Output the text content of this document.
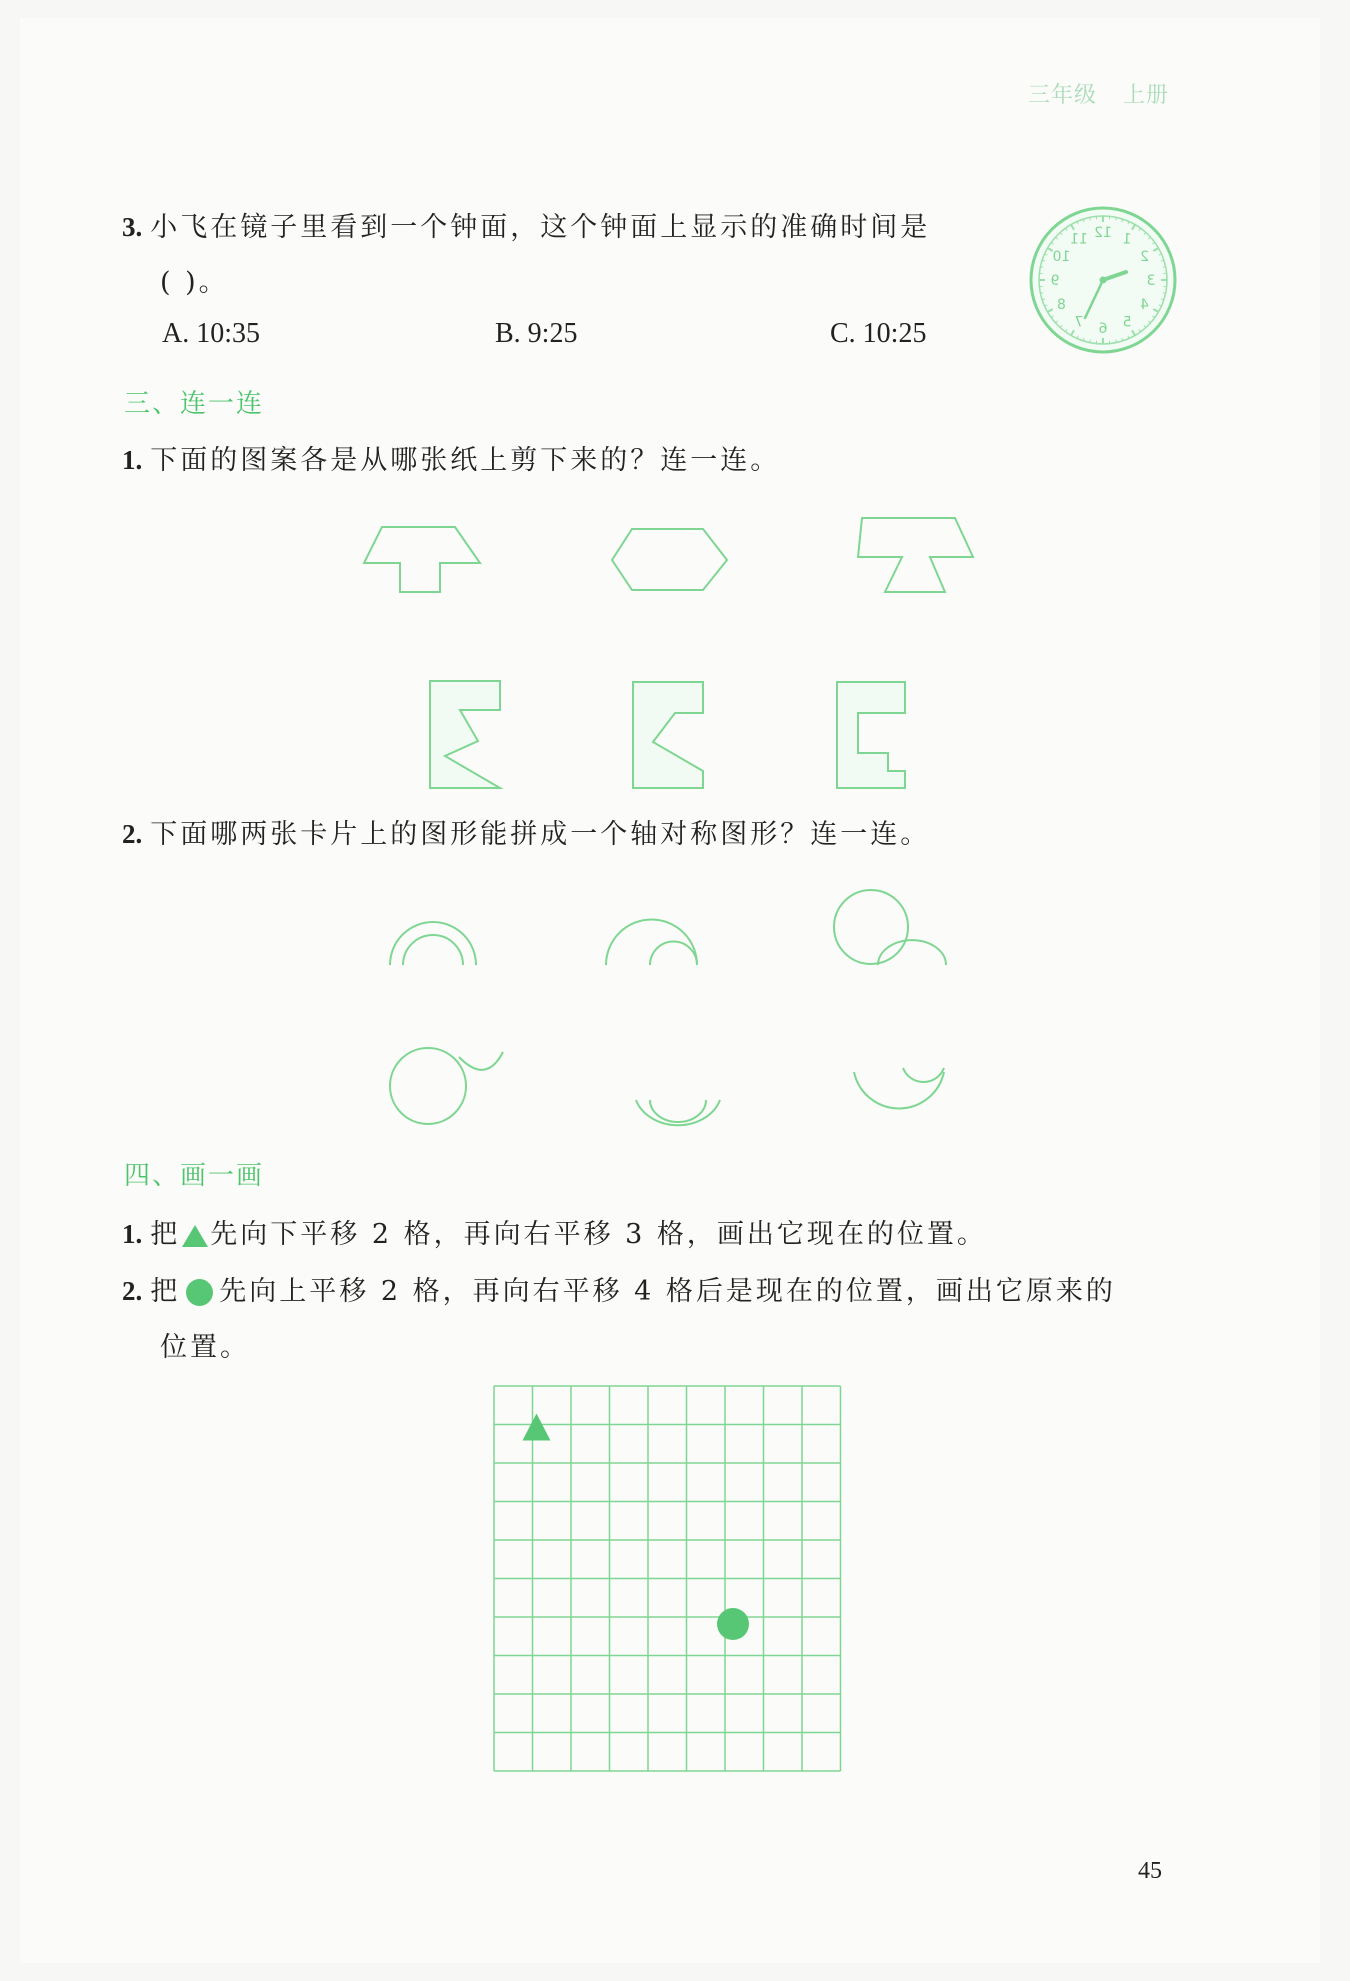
三年级 上册
3. 小飞在镜子里看到一个钟面，这个钟面上显示的准确时间是
( )。
A. 10:35	B. 9:25	C. 10:25
12
11
10
9
8
7 6 5
4
3
2
1
三、连一连
1. 下面的图案各是从哪张纸上剪下来的？连一连。
2. 下面哪两张卡片上的图形能拼成一个轴对称图形？连一连。
四、画一画
1. 把 先向下平移 2 格，再向右平移 3 格，画出它现在的位置。
2. 把 先向上平移 2 格，再向右平移 4 格后是现在的位置，画出它原来的
位置。
45
